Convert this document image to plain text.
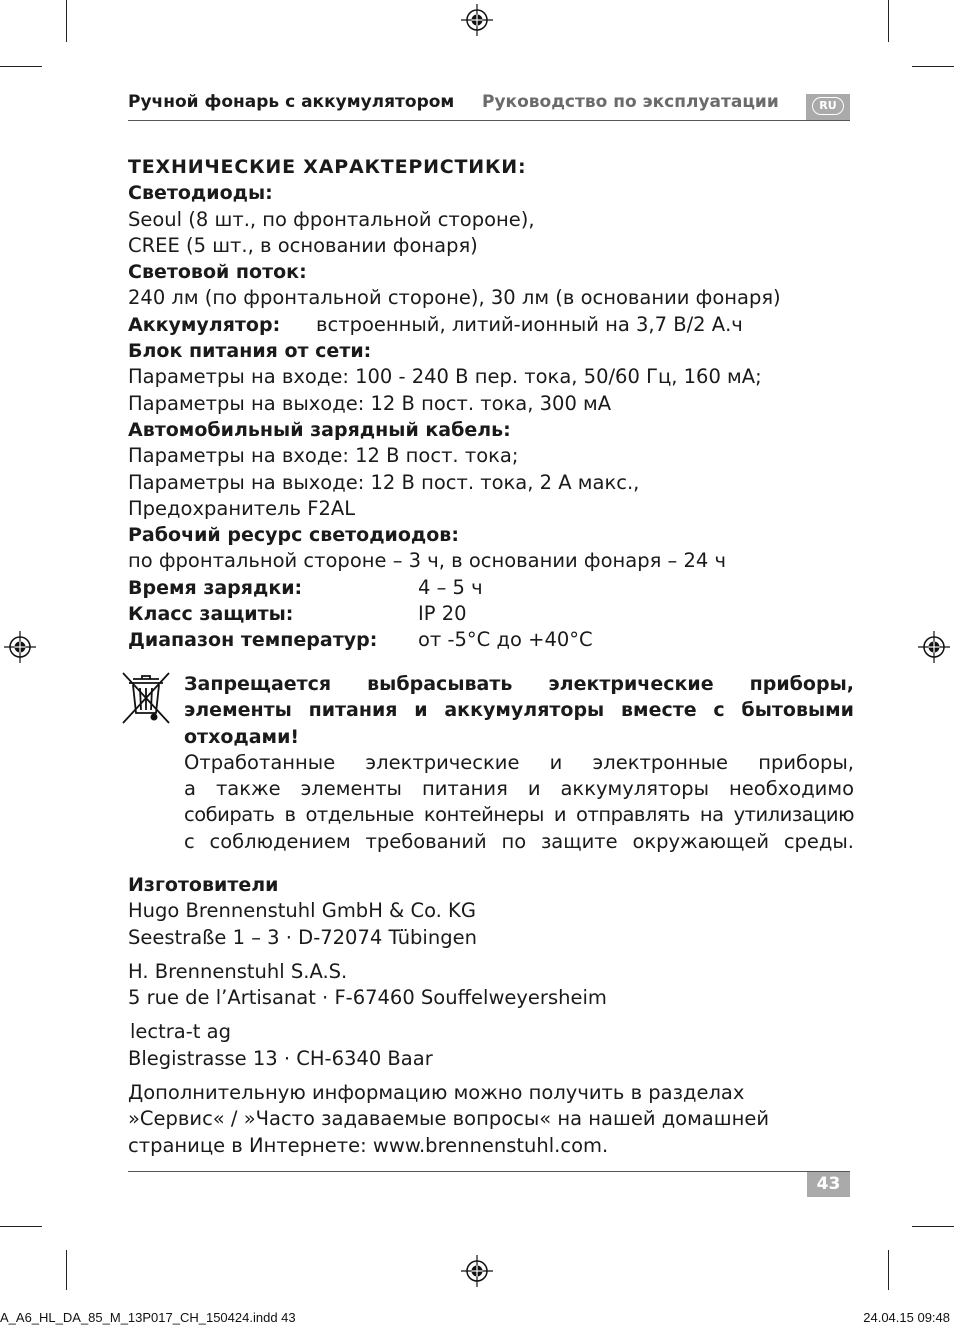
Ручной фонарь с аккумулятором Руководство по эксплуатации	RU
ТЕХНИЧЕСКИЕ ХАРАКТЕРИСТИКИ:
Светодиоды:
Seoul (8 шт., по фронтальной стороне),
CREE (5 шт., в основании фонаря)
Световой поток:
240 лм (по фронтальной стороне), 30 лм (в основании фонаря)
Аккумулятор: встроенный, литий-ионный на 3,7 В/2 А.ч
Блок питания от сети:
Параметры на входе: 100 - 240 В пер. тока, 50/60 Гц, 160 мА;
Параметры на выходе: 12 В пост. тока, 300 мА
Автомобильный зарядный кабель:
Параметры на входе: 12 В пост. тока;
Параметры на выходе: 12 В пост. тока, 2 А макс.,
Предохранитель F2AL
Рабочий ресурс светодиодов:
по фронтальной стороне – 3 ч, в основании фонаря – 24 ч
Время зарядки:	4 – 5 ч
Класс защиты:	IP 20
Диапазон температур: от -5°C до +40°C
Запрещается выбрасывать электрические приборы,
элементы питания и аккумуляторы вместе с бытовыми
отходами!
Отработанные электрические и электронные приборы,
а также элементы питания и аккумуляторы необходимо
собирать в отдельные контейнеры и отправлять на утилизацию
с соблюдением требований по защите окружающей среды.
Изготовители
Hugo Brennenstuhl GmbH & Co. KG
Seestraße 1 – 3 · D-72074 Tübingen
H. Brennenstuhl S.A.S.
5 rue de l’Artisanat · F-67460 Souffelweyersheim
lectra-t ag
Blegistrasse 13 · CH-6340 Baar
Дополнительную информацию можно получить в разделах
»Сервис« / »Часто задаваемые вопросы« на нашей домашней
странице в Интернете: www.brennenstuhl.com.
43
A_A6_HL_DA_85_M_13P017_CH_150424.indd 43	24.04.15 09:48
